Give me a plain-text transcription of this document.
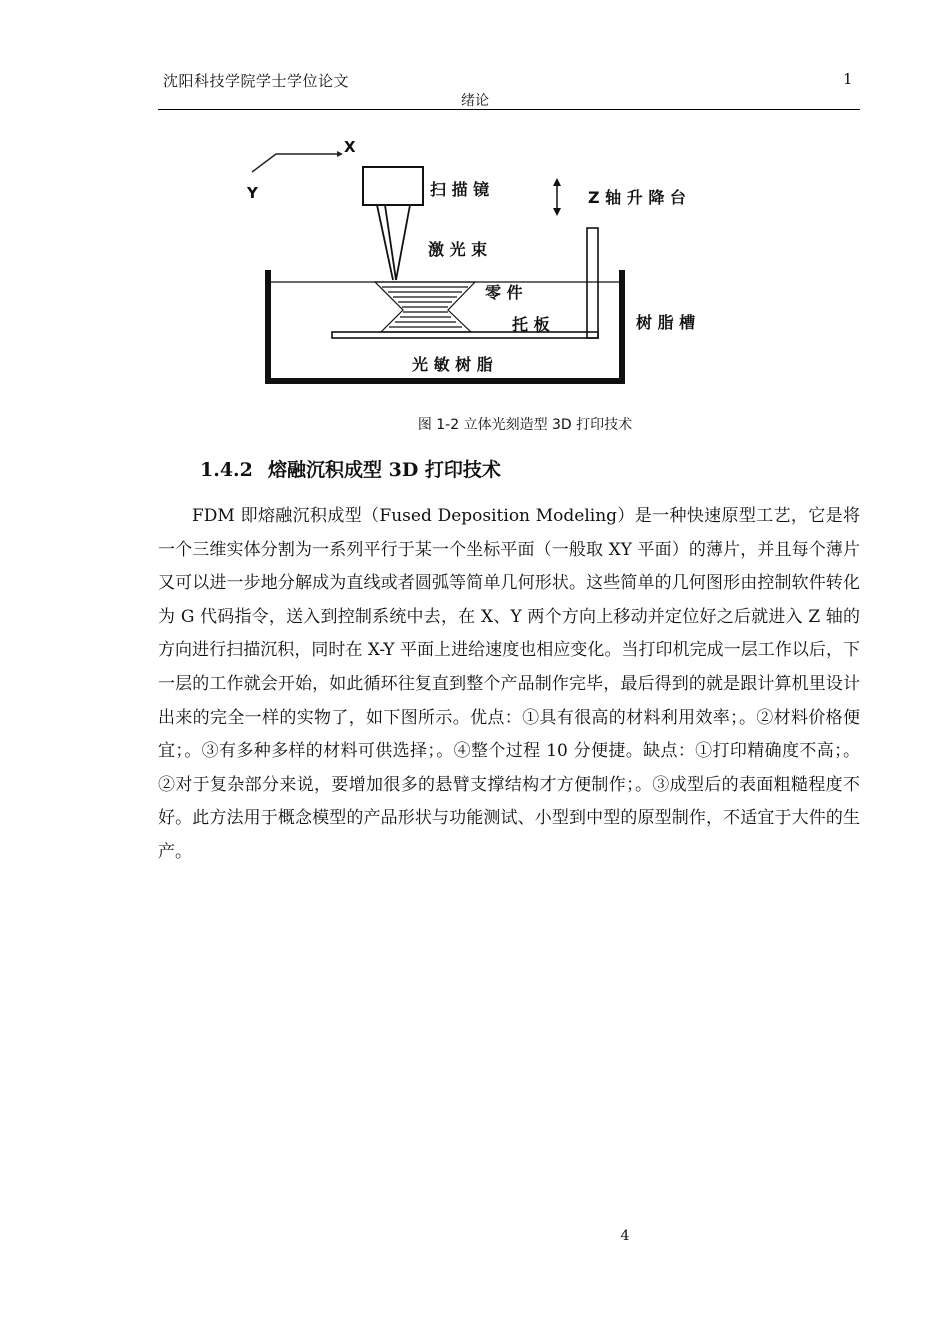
沈阳科技学院学士学位论文	1
绪论
X
Y	扫 描 镜
激 光 束
Z 轴 升 降 台
树 脂 槽
托 板
零 件
光 敏 树 脂
图 1-2 立体光刻造型 3D 打印技术
1.4.2 熔融沉积成型 3D 打印技术

FDM 即熔融沉积成型（Fused Deposition Modeling）是一种快速原型工艺，它是将一个三维实体分割为一系列平行于某一个坐标平面（一般取 XY 平面）的薄片，并且每个薄片又可以进一步地分解成为直线或者圆弧等简单几何形状。这些简单的几何图形由控制软件转化为 G 代码指令，送入到控制系统中去，在 X、Y 两个方向上移动并定位好之后就进入 Z 轴的方向进行扫描沉积，同时在 X-Y 平面上进给速度也相应变化。当打印机完成一层工作以后，下一层的工作就会开始，如此循环往复直到整个产品制作完毕，最后得到的就是跟计算机里设计出来的完全一样的实物了，如下图所示。优点：①具有很高的材料利用效率；。②材料价格便宜；。③有多种多样的材料可供选择；。④整个过程 10 分便捷。缺点：①打印精确度不高；。②对于复杂部分来说，要增加很多的悬臂支撑结构才方便制作；。③成型后的表面粗糙程度不好。此方法用于概念模型的产品形状与功能测试、小型到中型的原型制作，不适宜于大件的生产。

4
